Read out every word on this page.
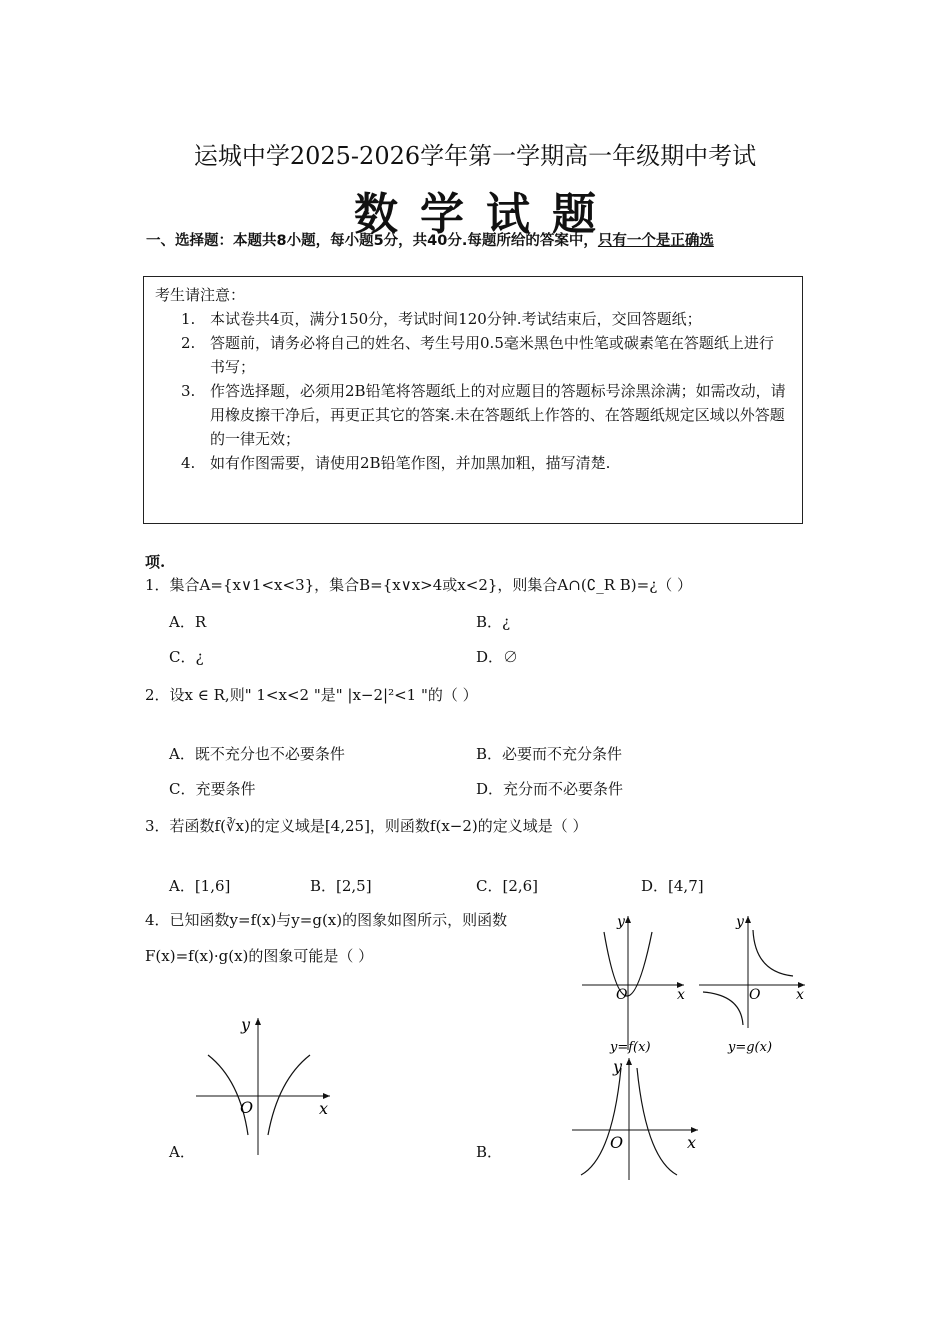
运城中学2025-2026学年第一学期高一年级期中考试
数学试题
一、选择题：本题共8小题，每小题5分，共40分.每题所给的答案中，只有一个是正确选
考生请注意：
1. 本试卷共4页，满分150分，考试时间120分钟.考试结束后，交回答题纸；
2. 答题前，请务必将自己的姓名、考生号用0.5毫米黑色中性笔或碳素笔在答题纸上进行书写；
3. 作答选择题，必须用2B铅笔将答题纸上的对应题目的答题标号涂黑涂满；如需改动，请用橡皮擦干净后，再更正其它的答案.未在答题纸上作答的、在答题纸规定区域以外答题的一律无效；
4. 如有作图需要，请使用2B铅笔作图，并加黑加粗，描写清楚.
项.
1．集合A={x∨1<x<3}，集合B={x∨x>4或x<2}，则集合A∩(∁_R B)=¿（ ）
A．R	B．¿
C．¿	D．∅
2．设x ∈ R,则" 1<x<2 "是" |x−2|²<1 "的（ ）
A．既不充分也不必要条件	B．必要而不充分条件
C．充要条件	D．充分而不必要条件
3．若函数f(∛x)的定义域是[4,25]，则函数f(x−2)的定义域是（ ）
A．[1,6]	B．[2,5]	C．[2,6]	D．[4,7]
4．已知函数y=f(x)与y=g(x)的图象如图所示，则函数
F(x)=f(x)·g(x)的图象可能是（ ）
y
x
O
y=f(x)
y
x
O
y=g(x)
y
x
O
A．
y
x
O
B．
